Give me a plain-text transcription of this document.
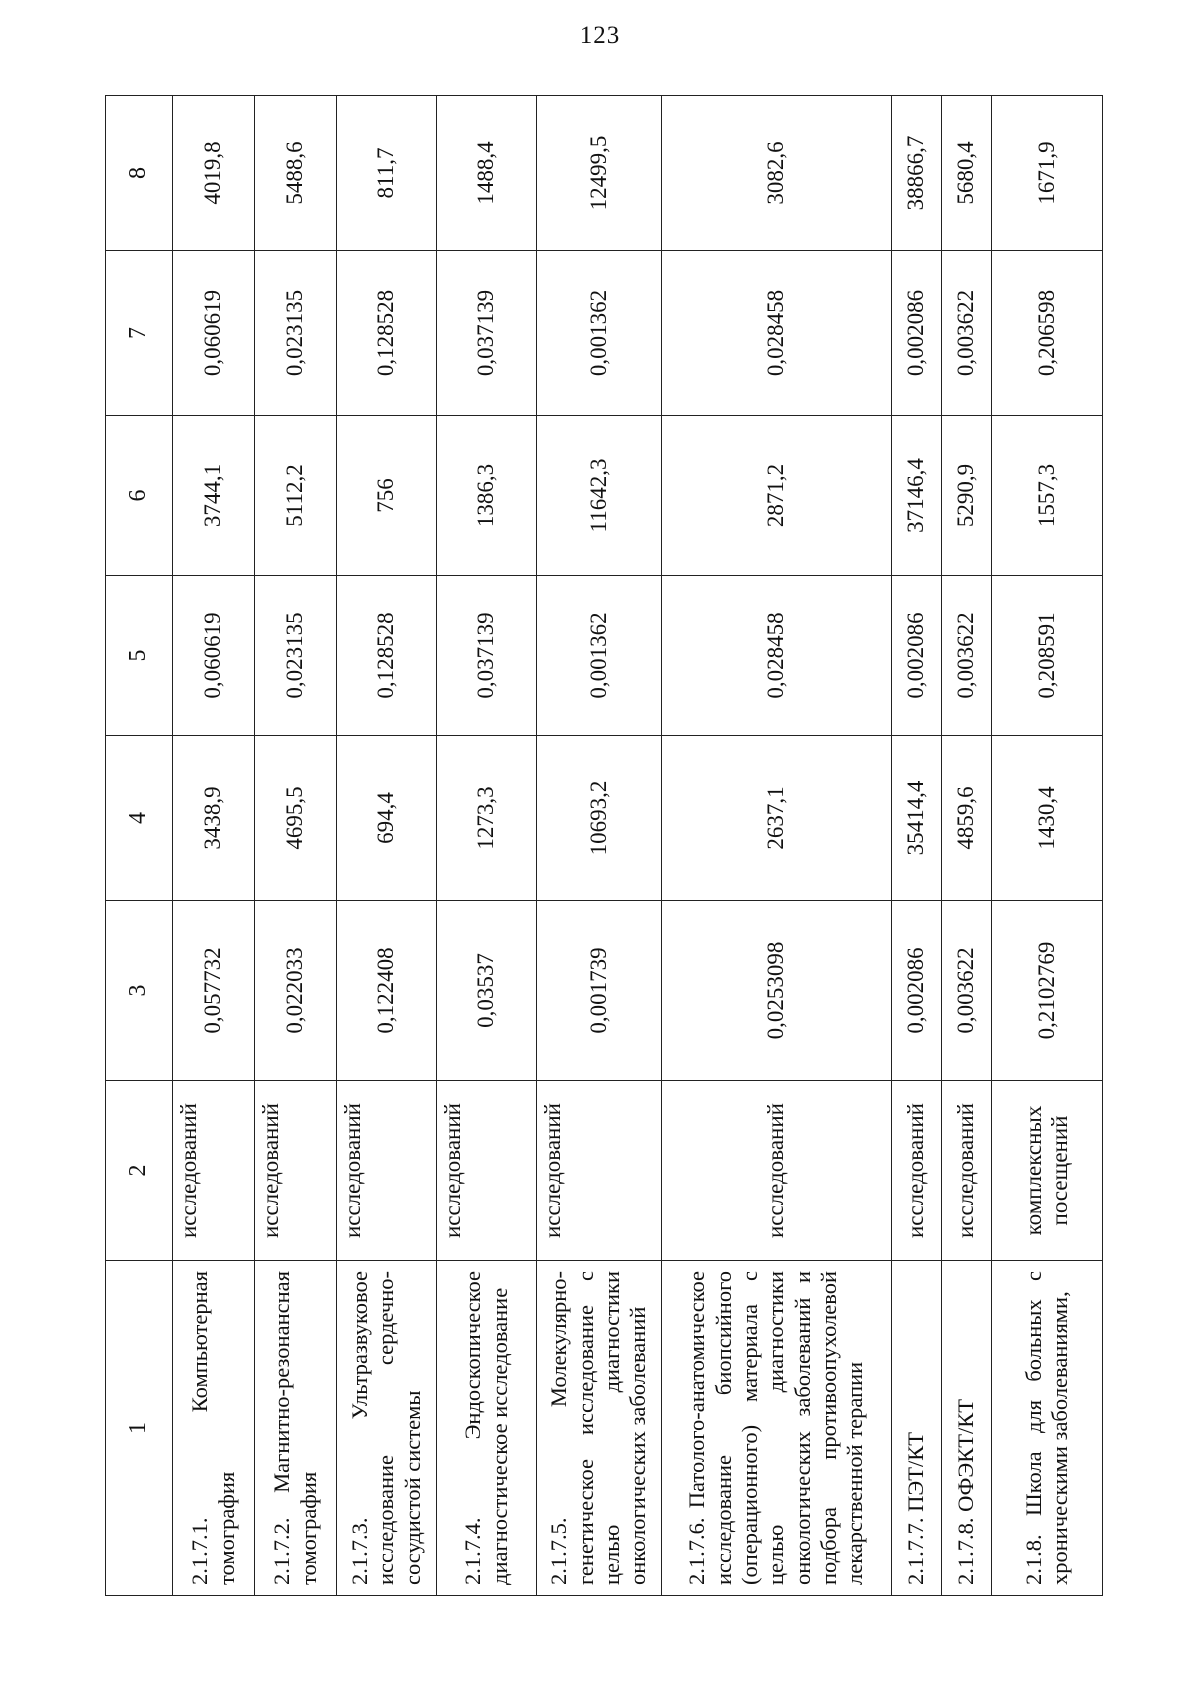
123
1	2	3	4	5	6	7	8
2.1.7.1. Компьютерная томография	исследований	0,057732	3438,9	0,060619	3744,1	0,060619	4019,8
2.1.7.2. Магнитно-резонансная томография	исследований	0,022033	4695,5	0,023135	5112,2	0,023135	5488,6
2.1.7.3. Ультразвуковое исследование сердечно-сосудистой системы	исследований	0,122408	694,4	0,128528	756	0,128528	811,7
2.1.7.4. Эндоскопическое диагностическое исследование	исследований	0,03537	1273,3	0,037139	1386,3	0,037139	1488,4
2.1.7.5. Молекулярно-генетическое исследование с целью диагностики онкологических заболеваний	исследований	0,001739	10693,2	0,001362	11642,3	0,001362	12499,5
2.1.7.6. Патолого-анатомическое исследование биопсийного (операционного) материала с целью диагностики онкологических заболеваний и подбора противоопухолевой лекарственной терапии	исследований	0,0253098	2637,1	0,028458	2871,2	0,028458	3082,6
2.1.7.7. ПЭТ/КТ	исследований	0,002086	35414,4	0,002086	37146,4	0,002086	38866,7
2.1.7.8. ОФЭКТ/КТ	исследований	0,003622	4859,6	0,003622	5290,9	0,003622	5680,4
2.1.8. Школа для больных с хроническими заболеваниями,	комплексных посещений	0,2102769	1430,4	0,208591	1557,3	0,206598	1671,9
